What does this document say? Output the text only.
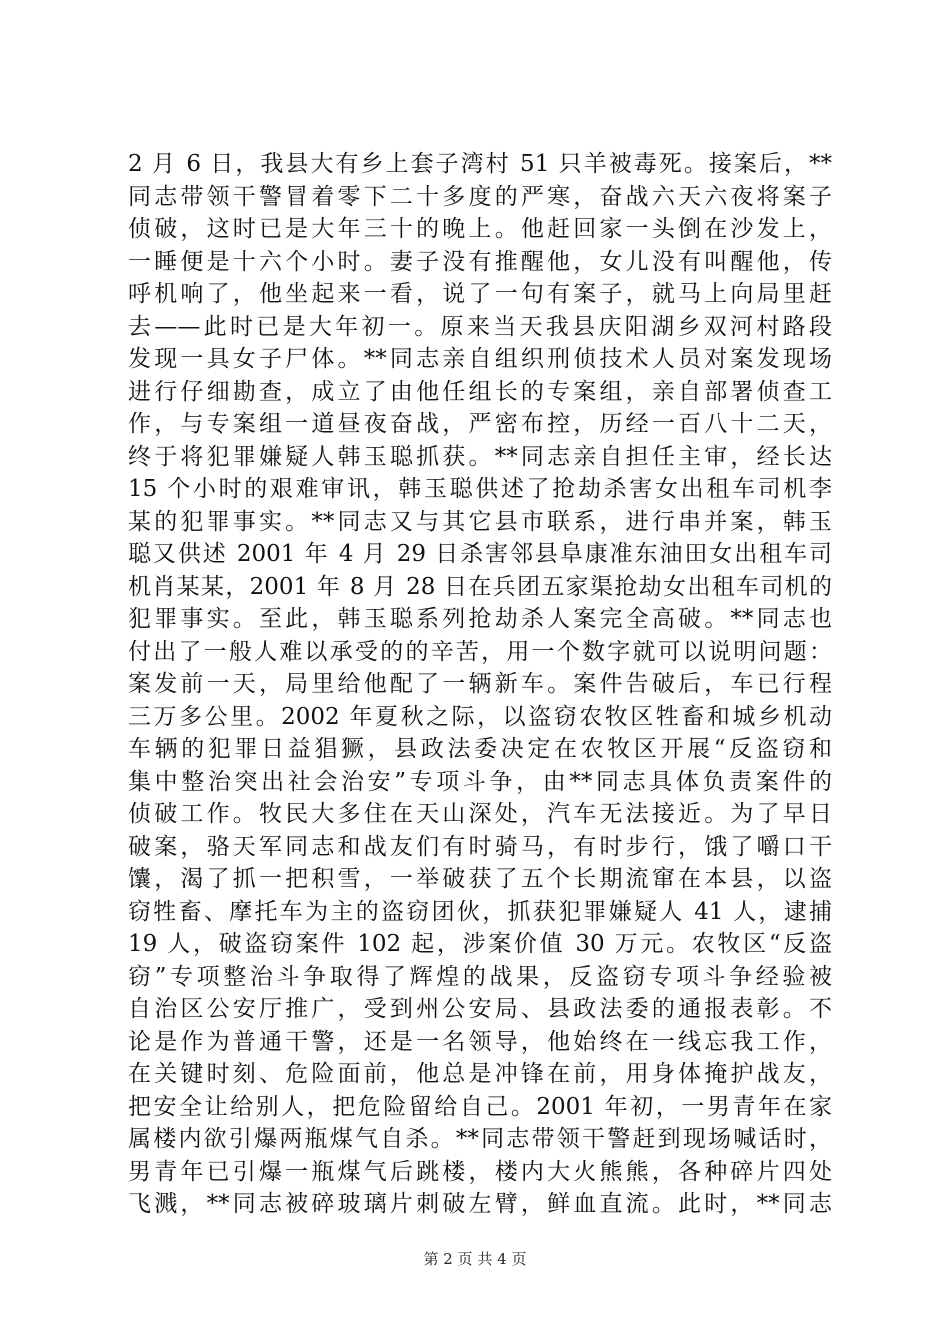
2 月 6 日，我县大有乡上套子湾村 51 只羊被毒死。接案后，**
同志带领干警冒着零下二十多度的严寒，奋战六天六夜将案子
侦破，这时已是大年三十的晚上。他赶回家一头倒在沙发上，
一睡便是十六个小时。妻子没有推醒他，女儿没有叫醒他，传
呼机响了，他坐起来一看，说了一句有案子，就马上向局里赶
去——此时已是大年初一。原来当天我县庆阳湖乡双河村路段
发现一具女子尸体。**同志亲自组织刑侦技术人员对案发现场
进行仔细勘查，成立了由他任组长的专案组，亲自部署侦查工
作，与专案组一道昼夜奋战，严密布控，历经一百八十二天，
终于将犯罪嫌疑人韩玉聪抓获。**同志亲自担任主审，经长达
15 个小时的艰难审讯，韩玉聪供述了抢劫杀害女出租车司机李
某的犯罪事实。**同志又与其它县市联系，进行串并案，韩玉
聪又供述 2001 年 4 月 29 日杀害邻县阜康准东油田女出租车司
机肖某某，2001 年 8 月 28 日在兵团五家渠抢劫女出租车司机的
犯罪事实。至此，韩玉聪系列抢劫杀人案完全高破。**同志也
付出了一般人难以承受的的辛苦，用一个数字就可以说明问题：
案发前一天，局里给他配了一辆新车。案件告破后，车已行程
三万多公里。2002 年夏秋之际，以盗窃农牧区牲畜和城乡机动
车辆的犯罪日益猖獗，县政法委决定在农牧区开展“反盗窃和
集中整治突出社会治安”专项斗争，由**同志具体负责案件的
侦破工作。牧民大多住在天山深处，汽车无法接近。为了早日
破案，骆天军同志和战友们有时骑马，有时步行，饿了嚼口干
馕，渴了抓一把积雪，一举破获了五个长期流窜在本县，以盗
窃牲畜、摩托车为主的盗窃团伙，抓获犯罪嫌疑人 41 人，逮捕
19 人，破盗窃案件 102 起，涉案价值 30 万元。农牧区“反盗
窃”专项整治斗争取得了辉煌的战果，反盗窃专项斗争经验被
自治区公安厅推广，受到州公安局、县政法委的通报表彰。不
论是作为普通干警，还是一名领导，他始终在一线忘我工作，
在关键时刻、危险面前，他总是冲锋在前，用身体掩护战友，
把安全让给别人，把危险留给自己。2001 年初，一男青年在家
属楼内欲引爆两瓶煤气自杀。**同志带领干警赶到现场喊话时，
男青年已引爆一瓶煤气后跳楼，楼内大火熊熊，各种碎片四处
飞溅，**同志被碎玻璃片刺破左臂，鲜血直流。此时，**同志
第 2 页 共 4 页
